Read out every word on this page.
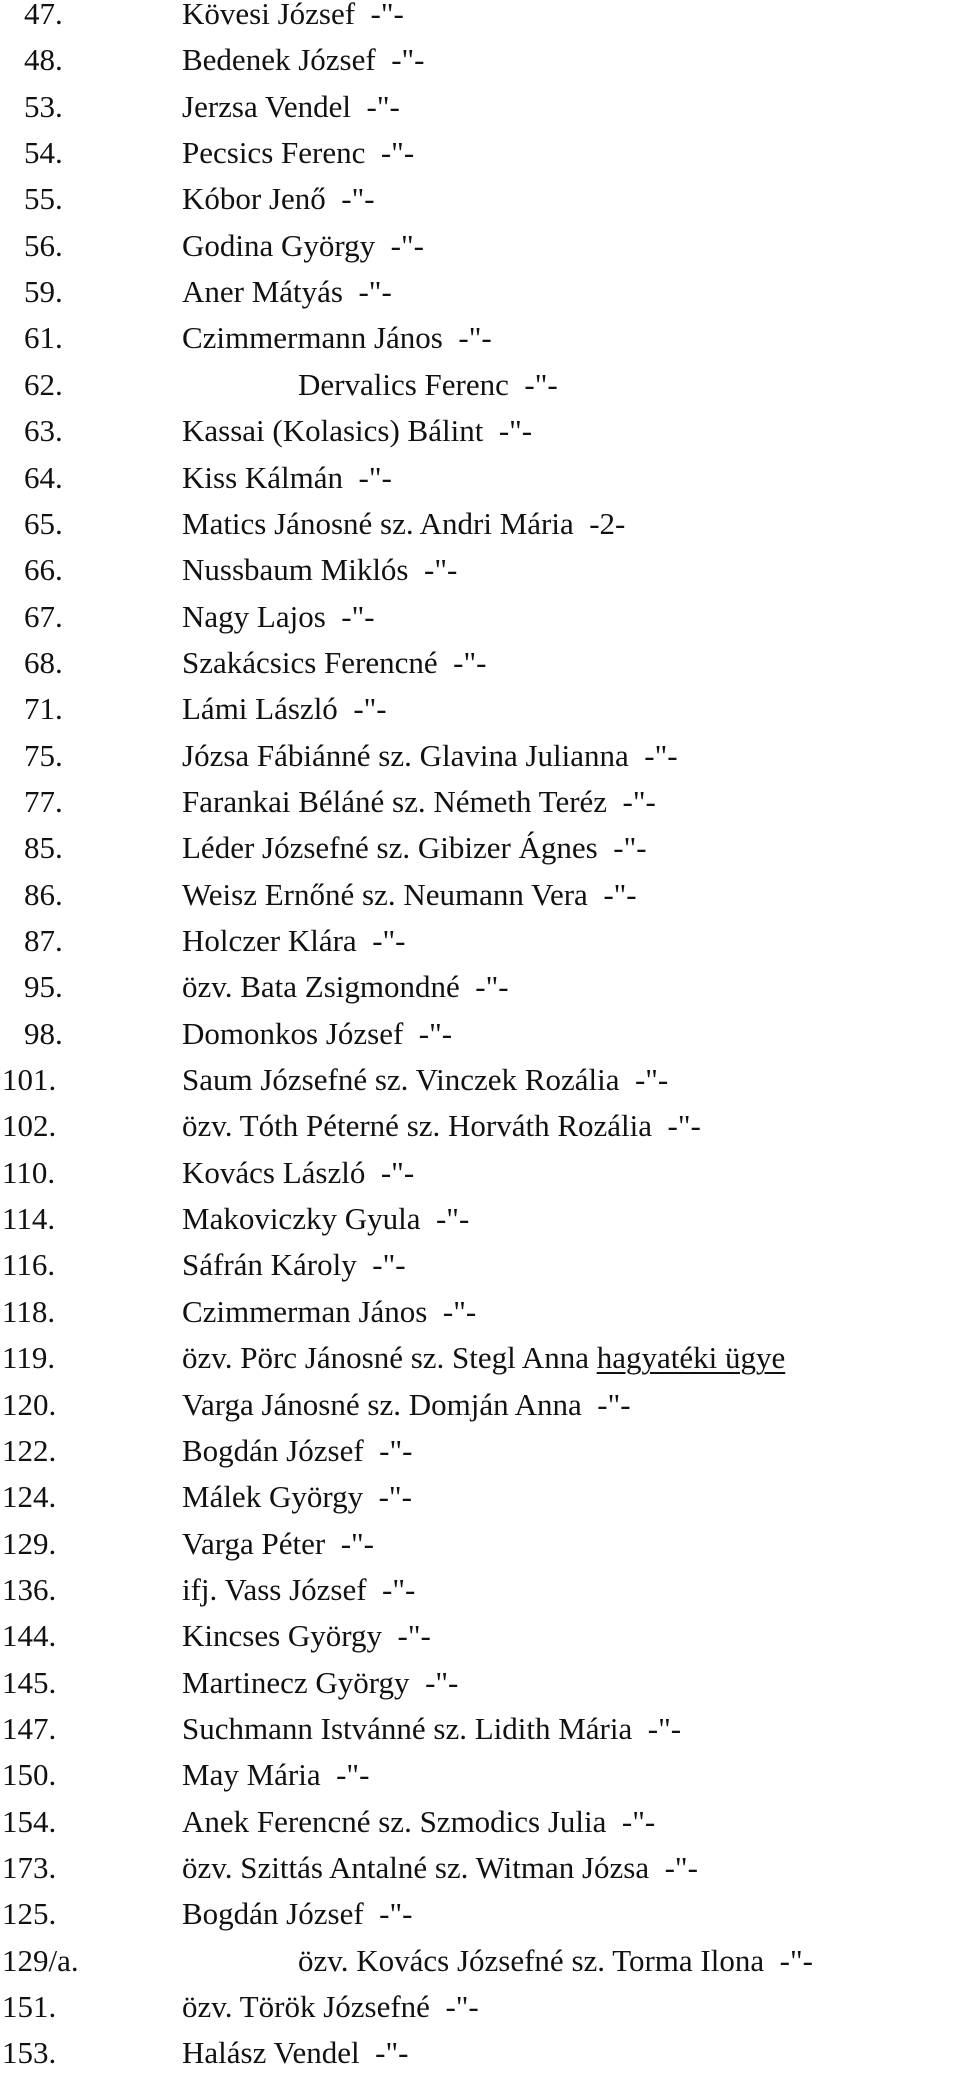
47.	Kövesi József -"-
48.	Bedenek József -"-
53.	Jerzsa Vendel -"-
54.	Pecsics Ferenc -"-
55.	Kóbor Jenő -"-
56.	Godina György -"-
59.	Aner Mátyás -"-
61.	Czimmermann János -"-
62.	Dervalics Ferenc -"-
63.	Kassai (Kolasics) Bálint -"-
64.	Kiss Kálmán -"-
65.	Matics Jánosné sz. Andri Mária -2-
66.	Nussbaum Miklós -"-
67.	Nagy Lajos -"-
68.	Szakácsics Ferencné -"-
71.	Lámi László -"-
75.	Józsa Fábiánné sz. Glavina Julianna -"-
77.	Farankai Béláné sz. Németh Teréz -"-
85.	Léder Józsefné sz. Gibizer Ágnes -"-
86.	Weisz Ernőné sz. Neumann Vera -"-
87.	Holczer Klára -"-
95.	özv. Bata Zsigmondné -"-
98.	Domonkos József -"-
101.	Saum Józsefné sz. Vinczek Rozália -"-
102.	özv. Tóth Péterné sz. Horváth Rozália -"-
110.	Kovács László -"-
114.	Makoviczky Gyula -"-
116.	Sáfrán Károly -"-
118.	Czimmerman János -"-
119.	özv. Pörc Jánosné sz. Stegl Anna hagyatéki ügye
120.	Varga Jánosné sz. Domján Anna -"-
122.	Bogdán József -"-
124.	Málek György -"-
129.	Varga Péter -"-
136.	ifj. Vass József -"-
144.	Kincses György -"-
145.	Martinecz György -"-
147.	Suchmann Istvánné sz. Lidith Mária -"-
150.	May Mária -"-
154.	Anek Ferencné sz. Szmodics Julia -"-
173.	özv. Szittás Antalné sz. Witman Józsa -"-
125.	Bogdán József -"-
129/a.	özv. Kovács Józsefné sz. Torma Ilona -"-
151.	özv. Török Józsefné -"-
153.	Halász Vendel -"-
